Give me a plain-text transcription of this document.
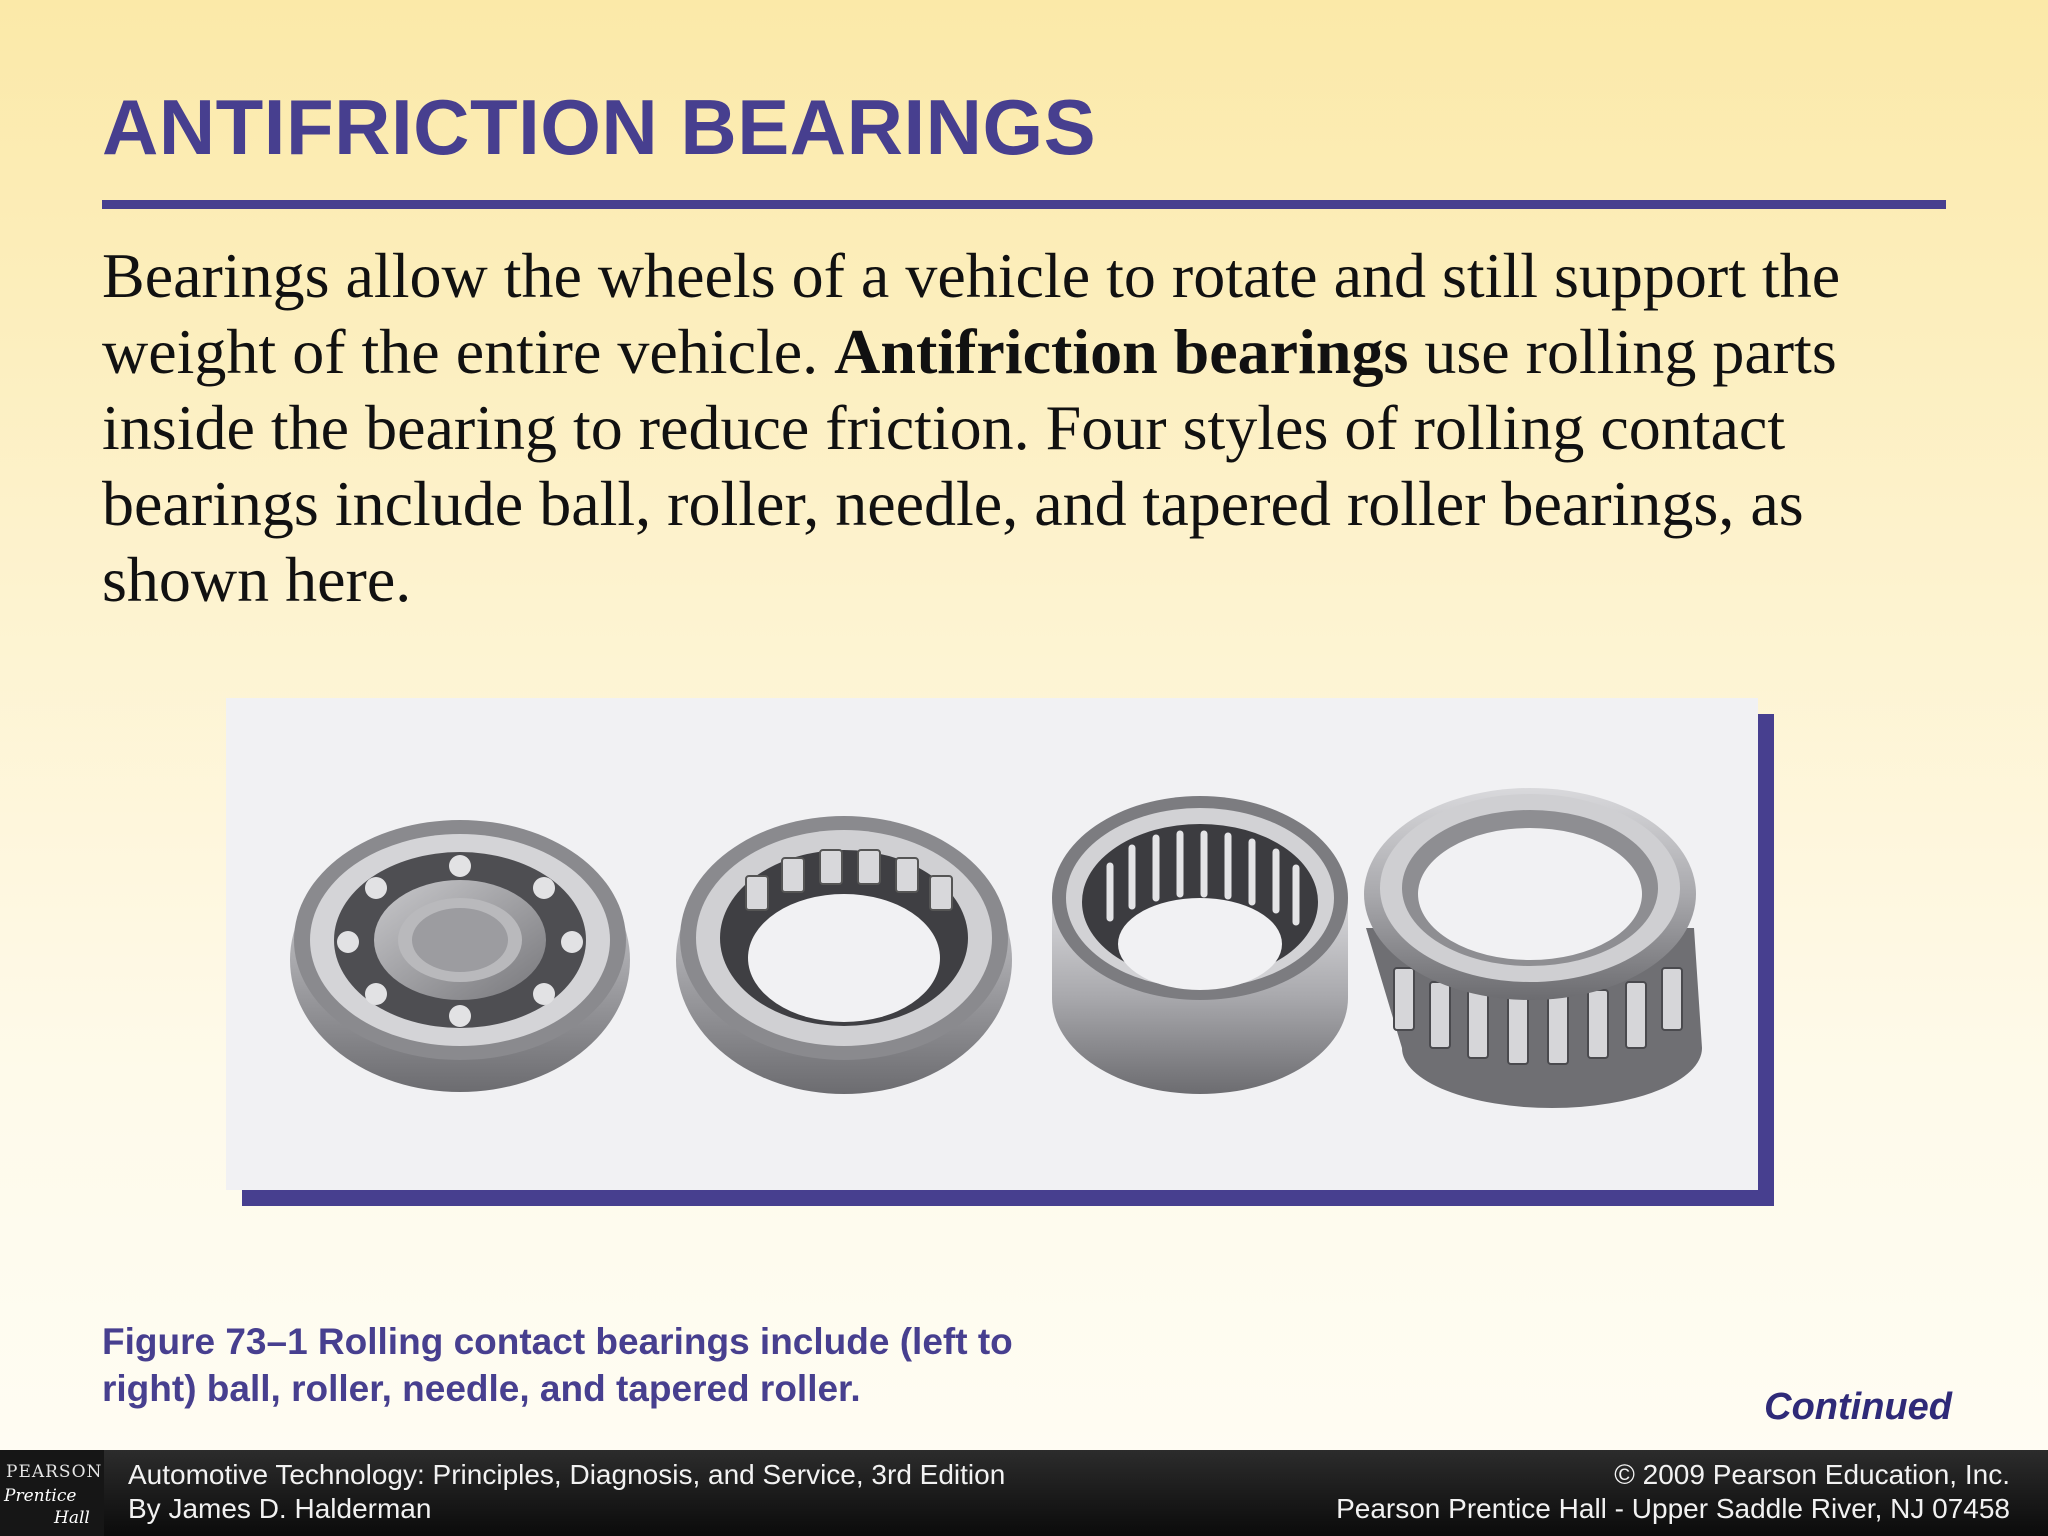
ANTIFRICTION BEARINGS

Bearings allow the wheels of a vehicle to rotate and still support the weight of the entire vehicle. Antifriction bearings use rolling parts inside the bearing to reduce friction. Four styles of rolling contact bearings include ball, roller, needle, and tapered roller bearings, as shown here.

Figure 73–1 Rolling contact bearings include (left to
right) ball, roller, needle, and tapered roller.	Continued
PEARSON
Prentice
Hall
Automotive Technology: Principles, Diagnosis, and Service, 3rd Edition
By James D. Halderman
© 2009 Pearson Education, Inc.
Pearson Prentice Hall - Upper Saddle River, NJ 07458
